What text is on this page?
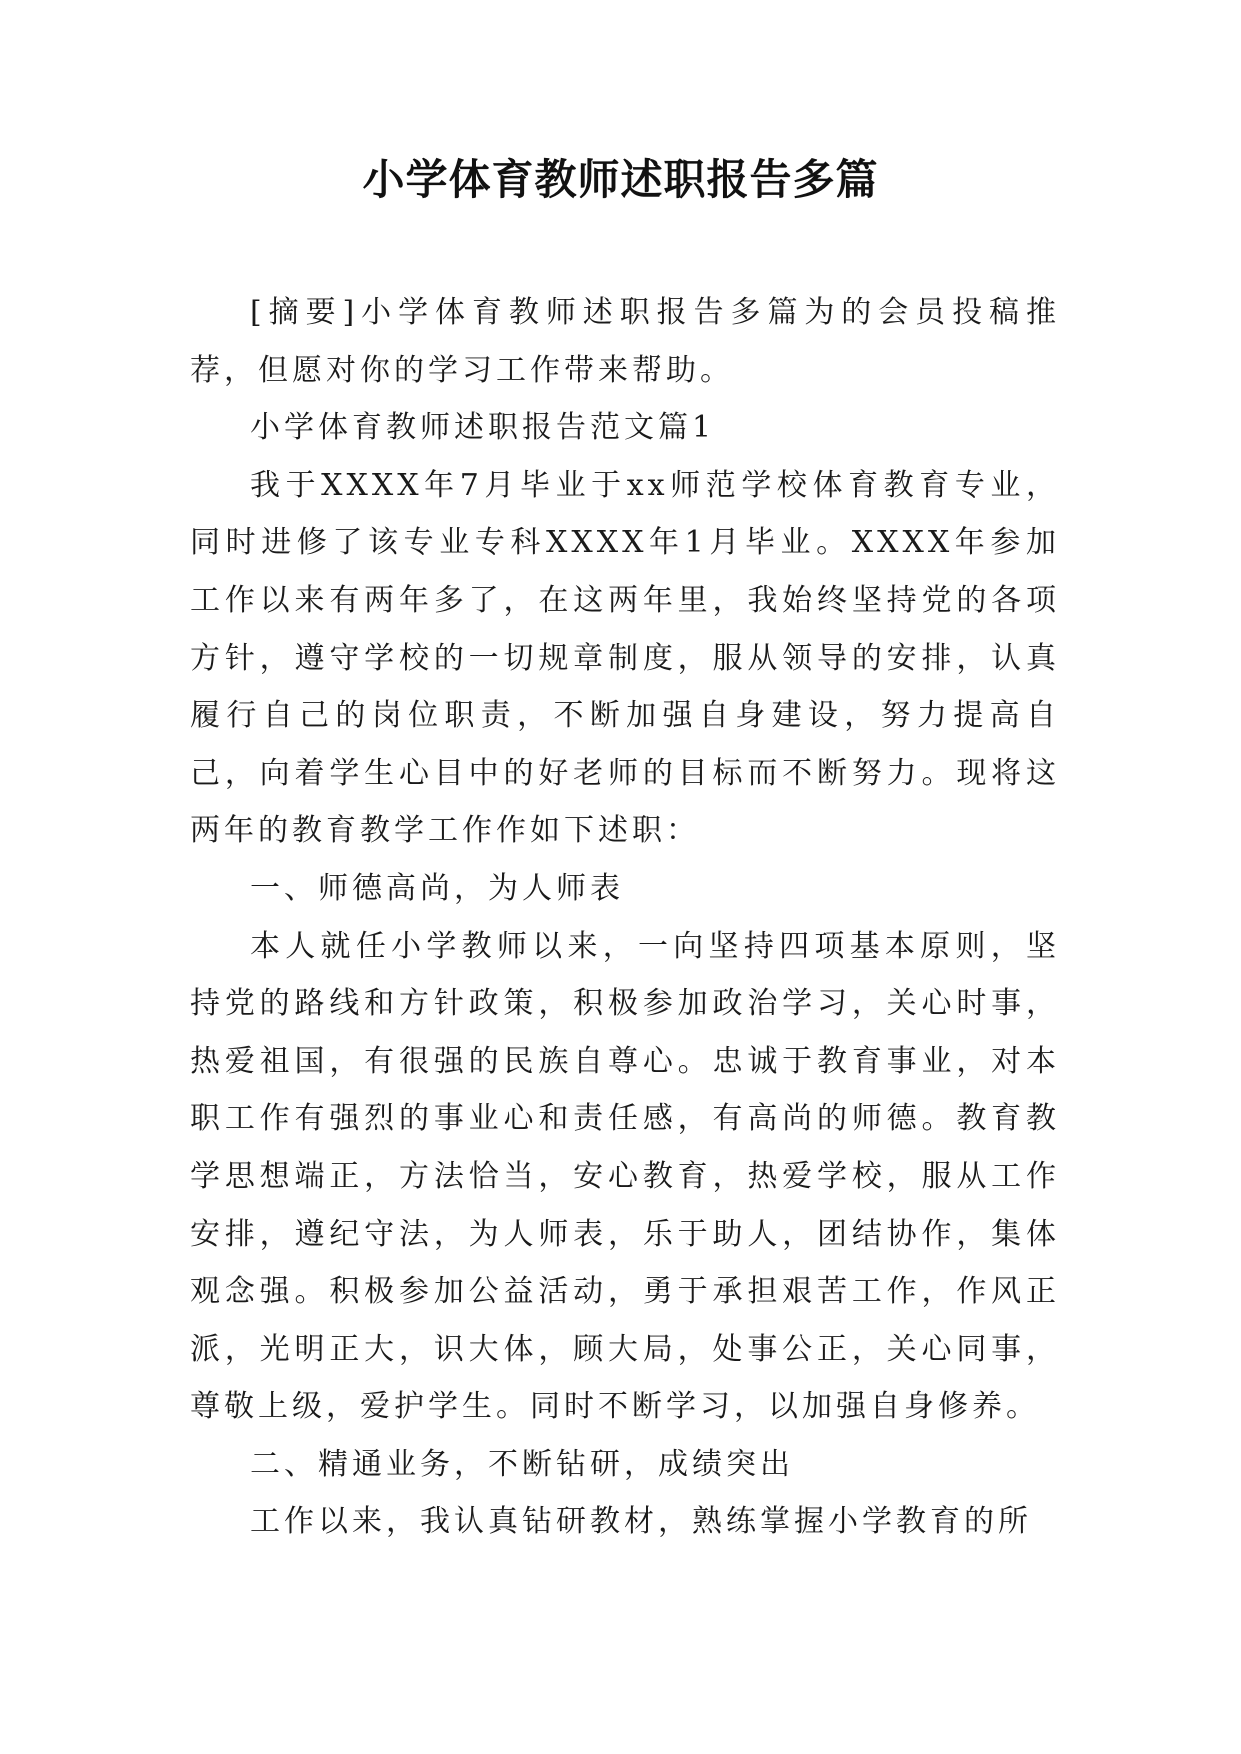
小学体育教师述职报告多篇

[摘要]小学体育教师述职报告多篇为的会员投稿推荐，但愿对你的学习工作带来帮助。

小学体育教师述职报告范文篇1

我于XXXX年7月毕业于xx师范学校体育教育专业，同时进修了该专业专科XXXX年1月毕业。XXXX年参加工作以来有两年多了，在这两年里，我始终坚持党的各项方针，遵守学校的一切规章制度，服从领导的安排，认真履行自己的岗位职责，不断加强自身建设，努力提高自己，向着学生心目中的好老师的目标而不断努力。现将这两年的教育教学工作作如下述职：

一、师德高尚，为人师表

本人就任小学教师以来，一向坚持四项基本原则，坚持党的路线和方针政策，积极参加政治学习，关心时事，热爱祖国，有很强的民族自尊心。忠诚于教育事业，对本职工作有强烈的事业心和责任感，有高尚的师德。教育教学思想端正，方法恰当，安心教育，热爱学校，服从工作安排，遵纪守法，为人师表，乐于助人，团结协作，集体观念强。积极参加公益活动，勇于承担艰苦工作，作风正派，光明正大，识大体，顾大局，处事公正，关心同事，尊敬上级，爱护学生。同时不断学习，以加强自身修养。

二、精通业务，不断钻研，成绩突出

工作以来，我认真钻研教材，熟练掌握小学教育的所
